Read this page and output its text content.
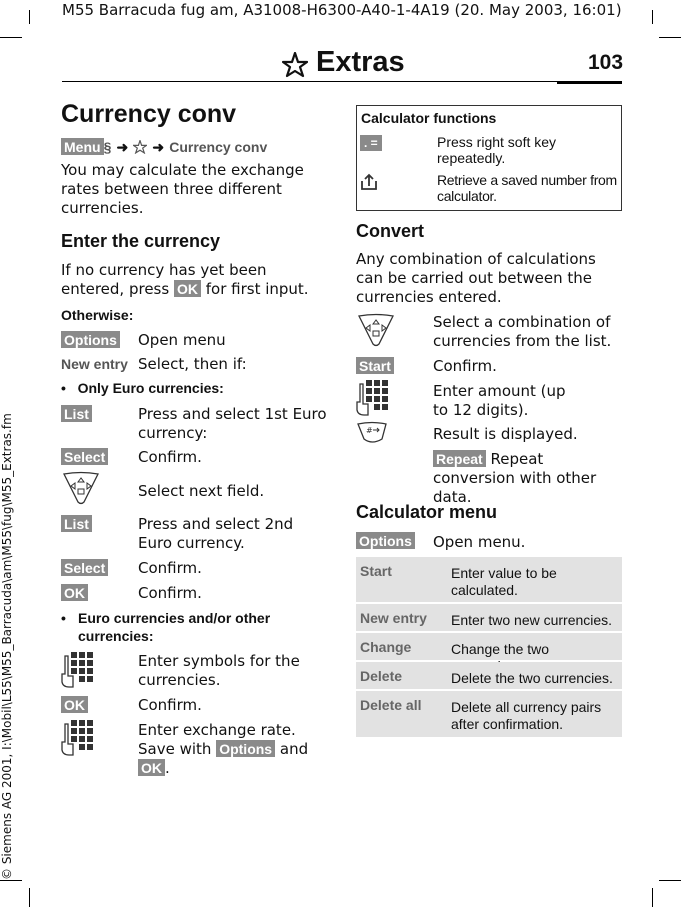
M55 Barracuda fug am, A31008-H6300-A40-1-4A19 (20. May 2003, 16:01)
Extras	103
© Siemens AG 2001, I:\Mobil\L55\M55_Barracuda\am\M55\fug\M55_Extras.fm
Currency conv
Menu § ➜ ➜ Currency conv
You may calculate the exchange rates between three different currencies.
Enter the currency
If no currency has yet been entered, press OK for first input.
Otherwise:
Options Open menu
New entry Select, then if:
•   Only Euro currencies:
List	Press and select 1st Euro currency:
Select Confirm.
Select next field.
List	Press and select 2nd Euro currency.
Select Confirm.
OK	Confirm.
• Euro currencies and/or other currencies:
Enter symbols for the currencies.
OK	Confirm.
Enter exchange rate. Save with Options and OK .
Calculator functions
. =	Press right soft key repeatedly.
Retrieve a saved number from calculator.
Convert
Any combination of calculations can be carried out between the currencies entered.
Select a combination of currencies from the list.
Start	Confirm.
Enter amount (up to 12 digits).
#	Result is displayed.
Repeat Repeat conversion with other data.
Calculator menu
Options Open menu.
Start	Enter value to be calculated.
New entry Enter two new currencies.
Change	Change the two
Delete	Delete the two currencies.
Delete all Delete all currency pairs after confirmation.
